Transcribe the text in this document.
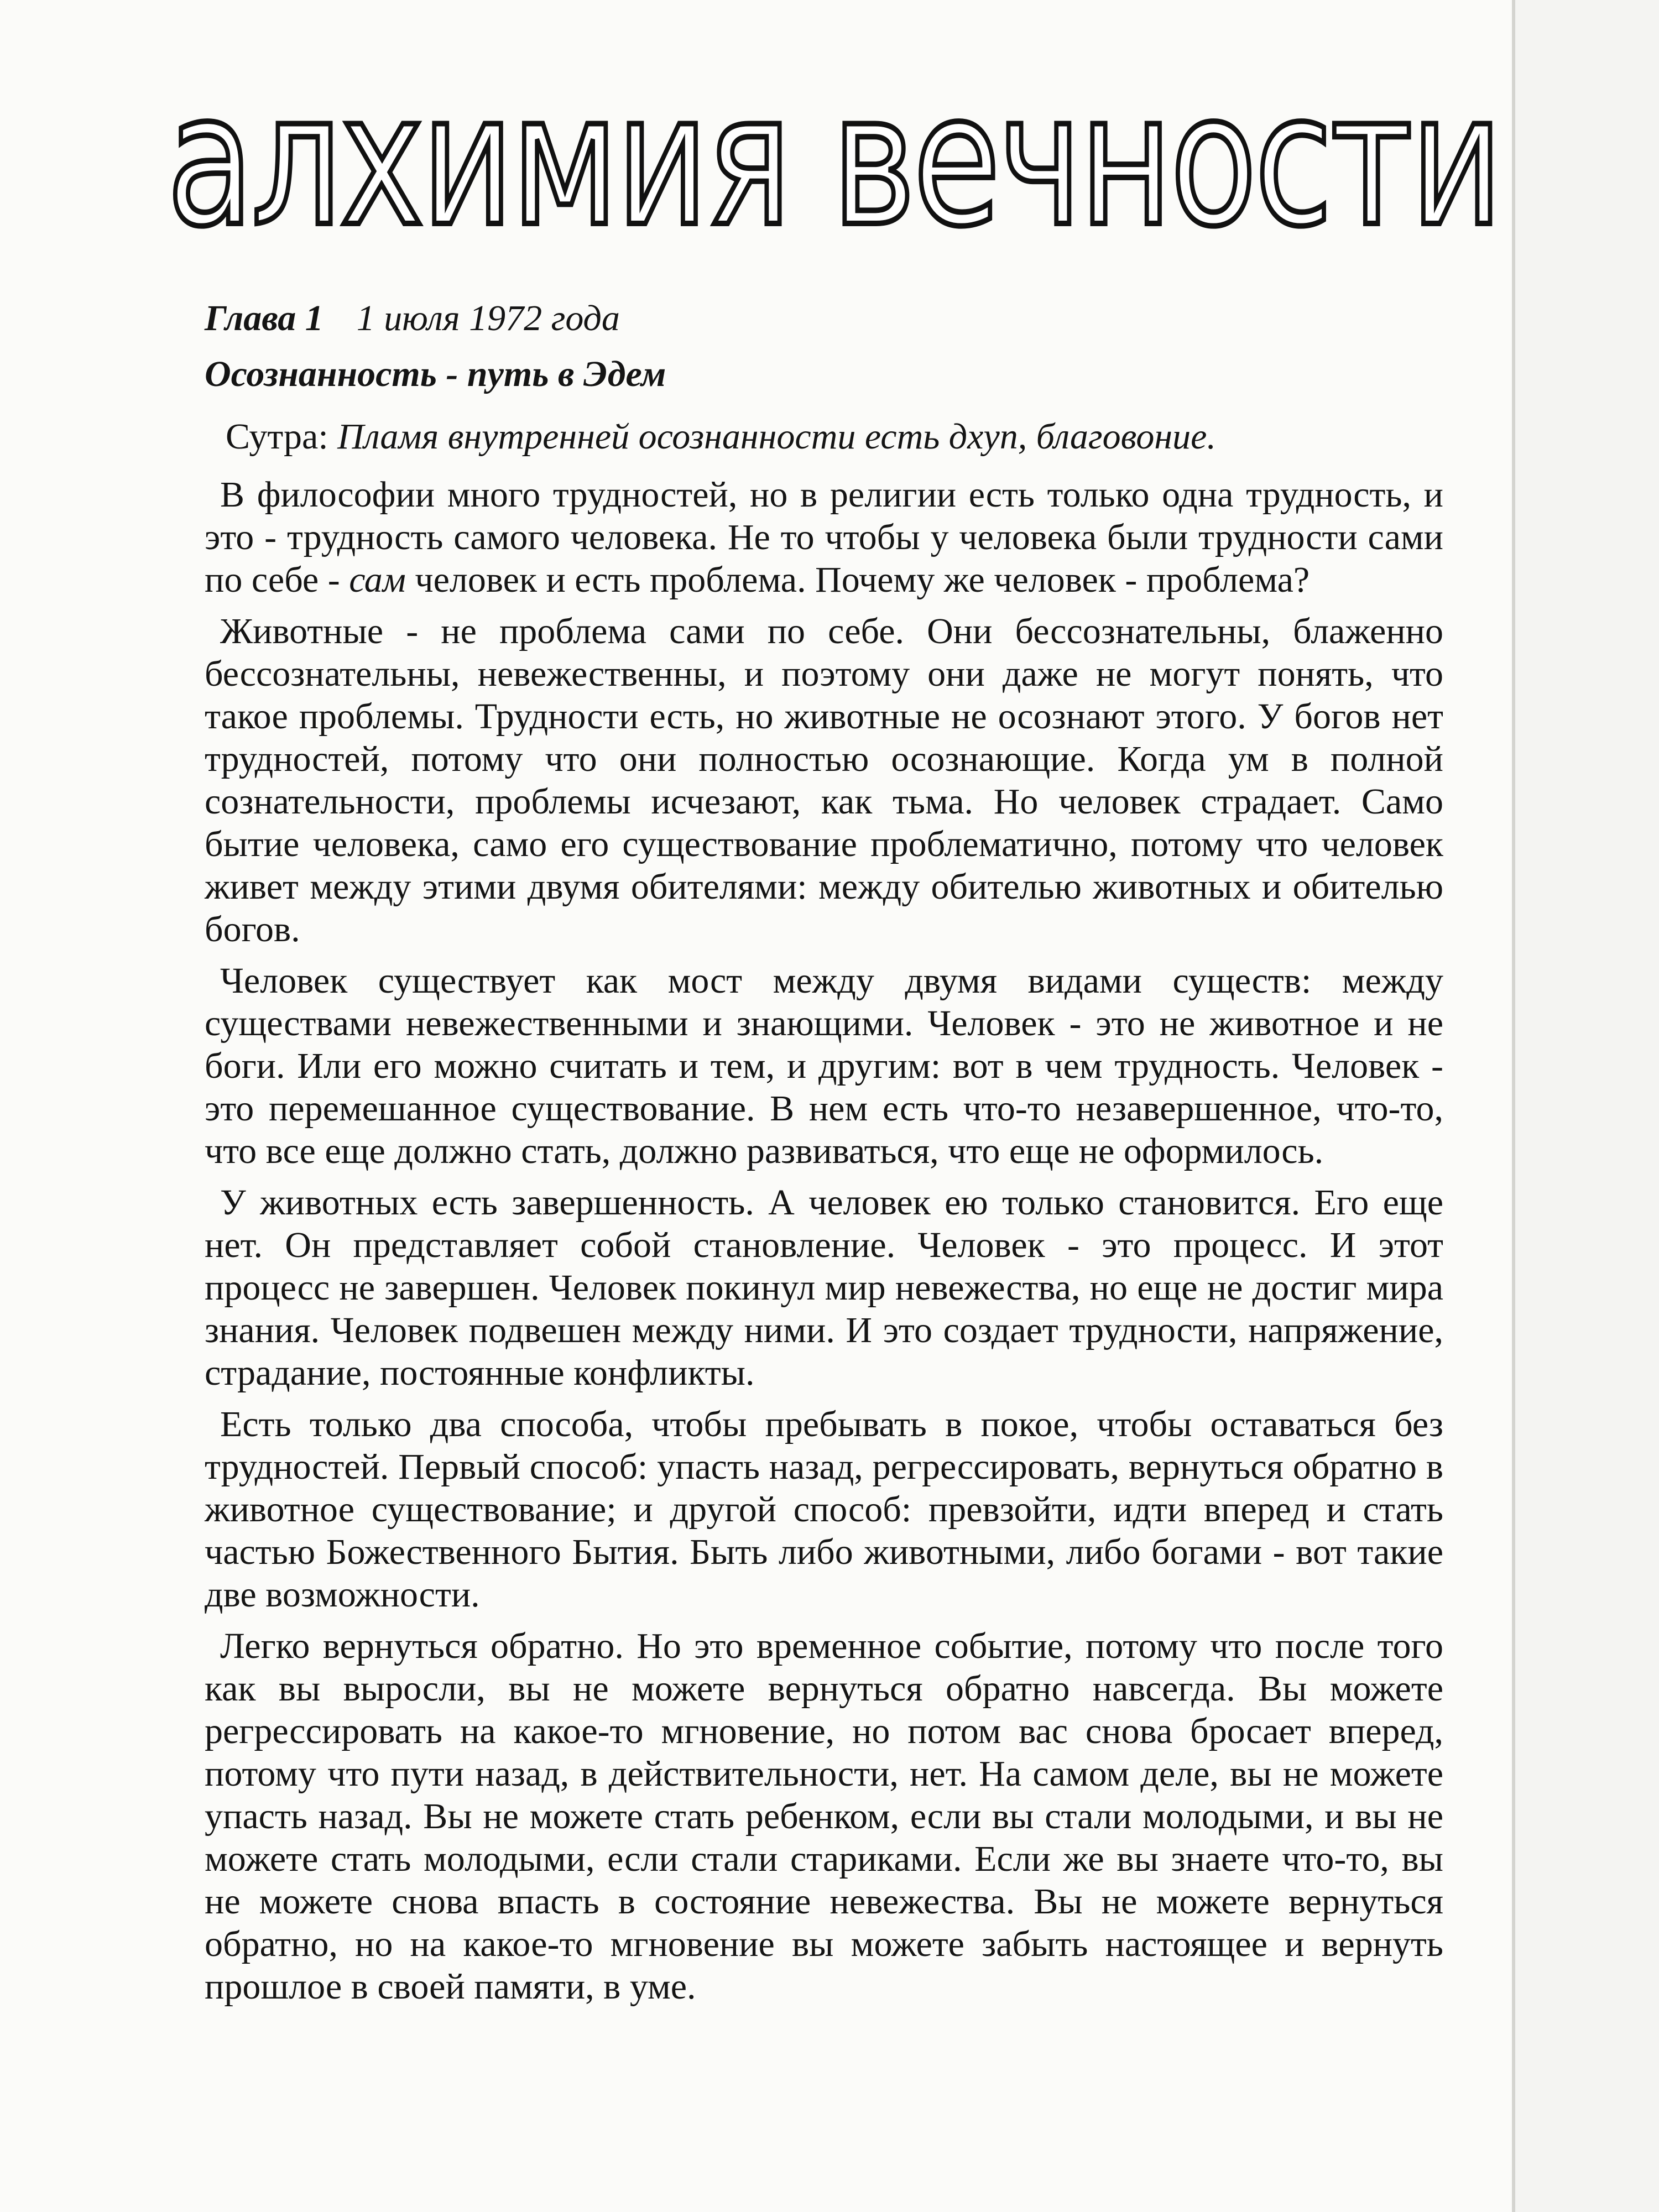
алхимия вечности

Глава 1 1 июля 1972 года

Осознанность - путь в Эдем

Сутра: Пламя внутренней осознанности есть дхуп, благовоние.

В философии много трудностей, но в религии есть только одна трудность, и это - трудность самого человека. Не то чтобы у человека были трудности сами по себе - сам человек и есть проблема. Почему же человек - проблема?

Животные - не проблема сами по себе. Они бессознательны, блаженно бессознательны, невежественны, и поэтому они даже не могут понять, что такое проблемы. Трудности есть, но животные не осознают этого. У богов нет трудностей, потому что они полностью осознающие. Когда ум в полной сознательности, проблемы исчезают, как тьма. Но человек страдает. Само бытие человека, само его существование проблематично, потому что человек живет между этими двумя обителями: между обителью животных и обителью богов.

Человек существует как мост между двумя видами существ: между существами невежественными и знающими. Человек - это не животное и не боги. Или его можно считать и тем, и другим: вот в чем трудность. Человек - это перемешанное существование. В нем есть что-то незавершенное, что-то, что все еще должно стать, должно развиваться, что еще не оформилось.

У животных есть завершенность. А человек ею только становится. Его еще нет. Он представляет собой становление. Человек - это процесс. И этот процесс не завершен. Человек покинул мир невежества, но еще не достиг мира знания. Человек подвешен между ними. И это создает трудности, напряжение, страдание, постоянные конфликты.

Есть только два способа, чтобы пребывать в покое, чтобы оставаться без трудностей. Первый способ: упасть назад, регрессировать, вернуться обратно в животное существование; и другой способ: превзойти, идти вперед и стать частью Божественного Бытия. Быть либо животными, либо богами - вот такие две возможности.

Легко вернуться обратно. Но это временное событие, потому что после того как вы выросли, вы не можете вернуться обратно навсегда. Вы можете регрессировать на какое-то мгновение, но потом вас снова бросает вперед, потому что пути назад, в действительности, нет. На самом деле, вы не можете упасть назад. Вы не можете стать ребенком, если вы стали молодыми, и вы не можете стать молодыми, если стали стариками. Если же вы знаете что-то, вы не можете снова впасть в состояние невежества. Вы не можете вернуться обратно, но на какое-то мгновение вы можете забыть настоящее и вернуть прошлое в своей памяти, в уме.
